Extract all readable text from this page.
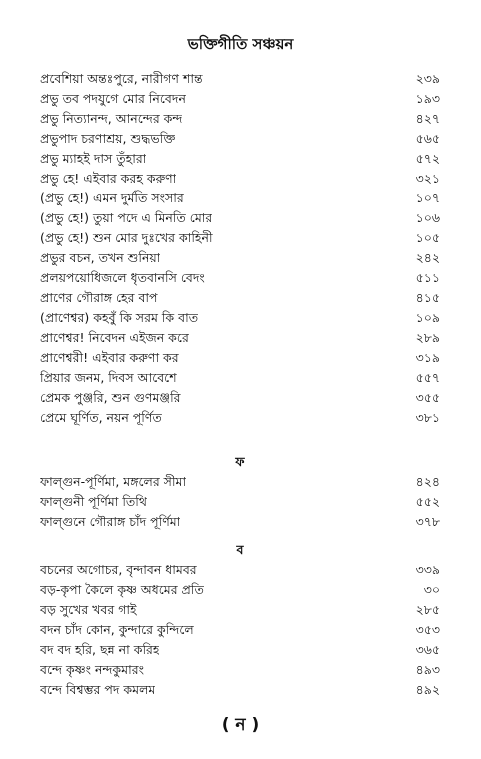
ভক্তিগীতি সঞ্চয়ন
প্রবেশিয়া অন্তঃপুরে, নারীগণ শান্ত	২৩৯
প্রভু তব পদযুগে মোর নিবেদন	১৯৩
প্রভু নিত্যানন্দ, আনন্দের কন্দ	৪২৭
প্রভুপাদ চরণাশ্রয়, শুদ্ধভক্তি	৫৬৫
প্রভু ম্যাহই দাস তুঁহারা	৫৭২
প্রভু হে! এইবার করহ করুণা	৩২১
(প্রভু হে!) এমন দুর্মতি সংসার	১০৭
(প্রভু হে!) তুয়া পদে এ মিনতি মোর	১০৬
(প্রভু হে!) শুন মোর দুঃখের কাহিনী	১০৫
প্রভুর বচন, তখন শুনিয়া	২৪২
প্রলয়পয়োধিজলে ধৃতবানসি বেদং	৫১১
প্রাণের গৌরাঙ্গ হের বাপ	৪১৫
(প্রাণেশ্বর) কহবুঁ কি সরম কি বাত	১০৯
প্রাণেশ্বর! নিবেদন এইজন করে	২৮৯
প্রাণেশ্বরী! এইবার করুণা কর	৩১৯
প্রিয়ার জনম, দিবস আবেশে	৫৫৭
প্রেমক পুঞ্জরি, শুন গুণমঞ্জরি	৩৫৫
প্রেমে ঘূর্ণিত, নয়ন পূর্ণিত	৩৮১
ফ
ফাল্গুন-পূর্ণিমা, মঙ্গলের সীমা	৪২৪
ফাল্গুনী পূর্ণিমা তিথি	৫৫২
ফাল্গুনে গৌরাঙ্গ চাঁদ পূর্ণিমা	৩৭৮
ব
বচনের অগোচর, বৃন্দাবন ধামবর	৩৩৯
বড়-কৃপা কৈলে কৃষ্ণ অধমের প্রতি	৩০
বড় সুখের খবর গাই	২৮৫
বদন চাঁদ কোন, কুন্দারে কুন্দিলে	৩৫৩
বদ বদ হরি, ছন্ন না করিহ	৩৬৫
বন্দে কৃষ্ণং নন্দকুমারং	৪৯৩
বন্দে বিশ্বম্ভর পদ কমলম	৪৯২
( ন )
